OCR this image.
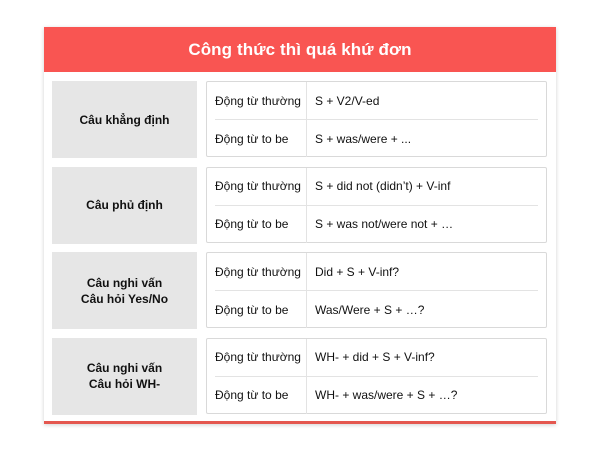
Công thức thì quá khứ đơn
Câu khẳng định
Động từ thường	S + V2/V-ed
Động từ to be	S + was/were + ...
Câu phủ định
Động từ thường	S + did not (didn’t) + V-inf
Động từ to be	S + was not/were not + …
Câu nghi vấn
Câu hỏi Yes/No
Động từ thường	Did + S + V-inf?
Động từ to be	Was/Were + S + …?
Câu nghi vấn
Câu hỏi WH-
Động từ thường	WH- + did + S + V-inf?
Động từ to be	WH- + was/were + S + …?
